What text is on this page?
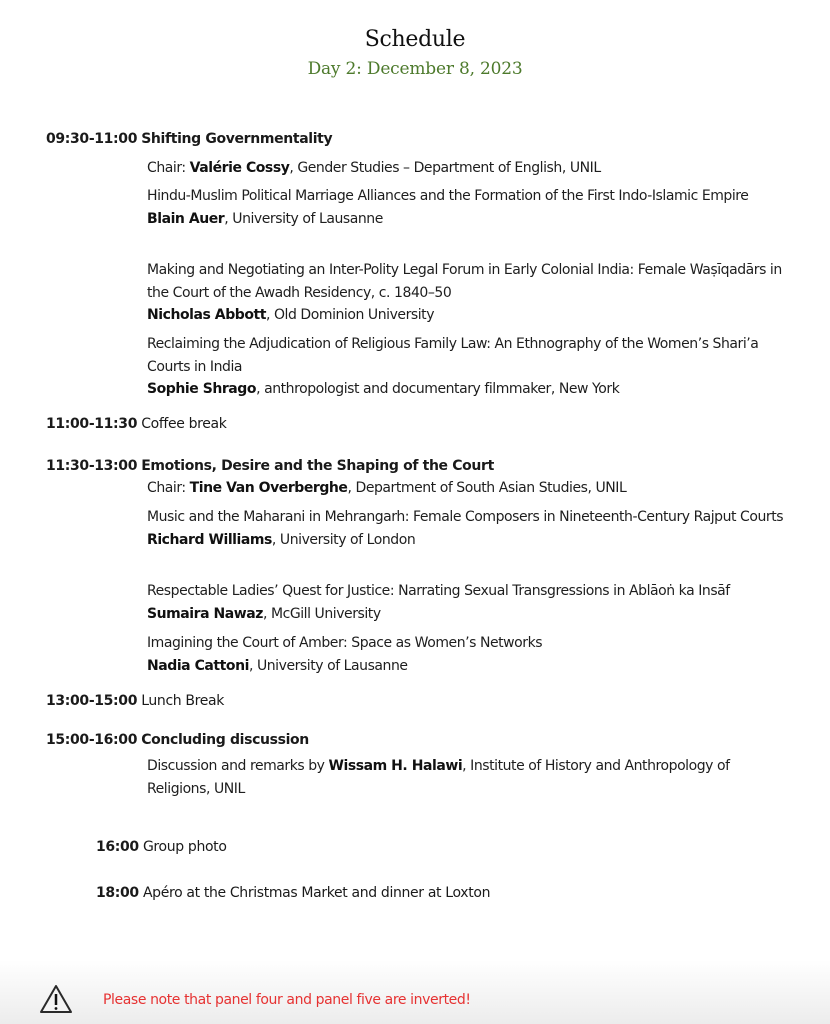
Schedule
Day 2: December 8, 2023
09:30-11:00 Shifting Governmentality
Chair: Valérie Cossy, Gender Studies – Department of English, UNIL
Hindu-Muslim Political Marriage Alliances and the Formation of the First Indo-Islamic Empire
Blain Auer, University of Lausanne
Making and Negotiating an Inter-Polity Legal Forum in Early Colonial India: Female Waṣīqadārs in the Court of the Awadh Residency, c. 1840–50
Nicholas Abbott, Old Dominion University
Reclaiming the Adjudication of Religious Family Law: An Ethnography of the Women’s Shari’a Courts in India
Sophie Shrago, anthropologist and documentary filmmaker, New York
11:00-11:30 Coffee break
11:30-13:00 Emotions, Desire and the Shaping of the Court
Chair: Tine Van Overberghe, Department of South Asian Studies, UNIL
Music and the Maharani in Mehrangarh: Female Composers in Nineteenth-Century Rajput Courts
Richard Williams, University of London
Respectable Ladies’ Quest for Justice: Narrating Sexual Transgressions in Ablāoṅ ka Insāf
Sumaira Nawaz, McGill University
Imagining the Court of Amber: Space as Women’s Networks
Nadia Cattoni, University of Lausanne
13:00-15:00 Lunch Break
15:00-16:00 Concluding discussion
Discussion and remarks by Wissam H. Halawi, Institute of History and Anthropology of Religions, UNIL
16:00 Group photo
18:00 Apéro at the Christmas Market and dinner at Loxton
Please note that panel four and panel five are inverted!
